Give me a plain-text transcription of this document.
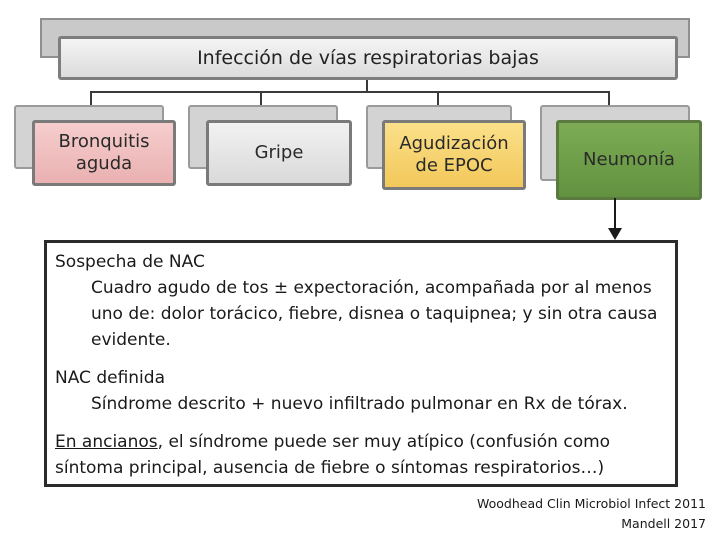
Infección de vías respiratorias bajas
Bronquitis
aguda
Gripe	Agudización
de EPOC	Neumonía
Sospecha de NAC
Cuadro agudo de tos ± expectoración, acompañada por al menos uno de: dolor torácico, fiebre, disnea o taquipnea; y sin otra causa evidente.
NAC definida
Síndrome descrito + nuevo infiltrado pulmonar en Rx de tórax.
En ancianos, el síndrome puede ser muy atípico (confusión como síntoma principal, ausencia de fiebre o síntomas respiratorios…)
Woodhead Clin Microbiol Infect 2011
Mandell 2017
